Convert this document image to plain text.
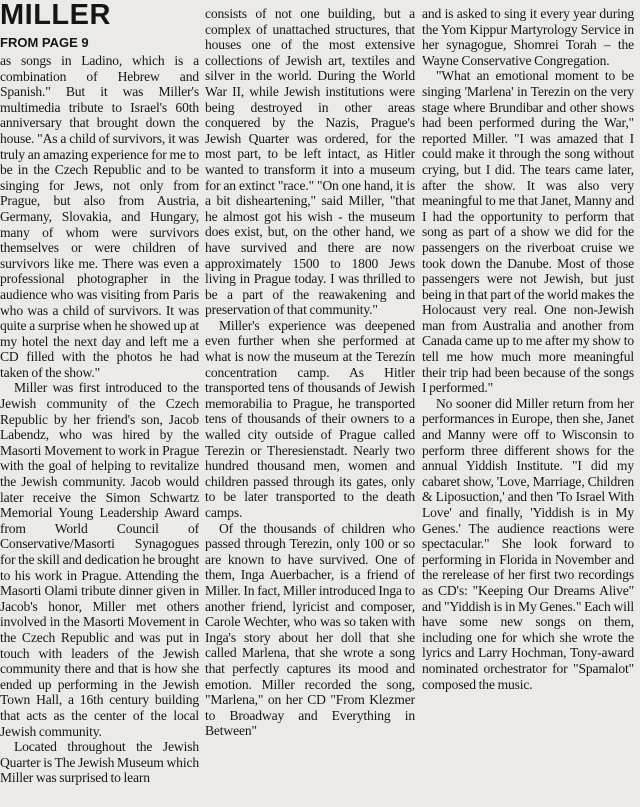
MILLER
FROM PAGE 9

as songs in Ladino, which is a combination of Hebrew and Spanish." But it was Miller's multimedia tribute to Israel's 60th anniversary that brought down the house. "As a child of survivors, it was truly an amazing experience for me to be in the Czech Republic and to be singing for Jews, not only from Prague, but also from Austria, Germany, Slovakia, and Hungary, many of whom were survivors themselves or were children of survivors like me. There was even a professional photographer in the audience who was visiting from Paris who was a child of survivors. It was quite a surprise when he showed up at my hotel the next day and left me a CD filled with the photos he had taken of the show."

Miller was first introduced to the Jewish community of the Czech Republic by her friend's son, Jacob Labendz, who was hired by the Masorti Movement to work in Prague with the goal of helping to revitalize the Jewish community. Jacob would later receive the Simon Schwartz Memorial Young Leadership Award from World Council of Conservative/Masorti Synagogues for the skill and dedication he brought to his work in Prague. Attending the Masorti Olami tribute dinner given in Jacob's honor, Miller met others involved in the Masorti Movement in the Czech Republic and was put in touch with leaders of the Jewish community there and that is how she ended up performing in the Jewish Town Hall, a 16th century building that acts as the center of the local Jewish community.

Located throughout the Jewish Quarter is The Jewish Museum which Miller was surprised to learn

consists of not one building, but a complex of unattached structures, that houses one of the most extensive collections of Jewish art, textiles and silver in the world. During the World War II, while Jewish institutions were being destroyed in other areas conquered by the Nazis, Prague's Jewish Quarter was ordered, for the most part, to be left intact, as Hitler wanted to transform it into a museum for an extinct "race." "On one hand, it is a bit disheartening," said Miller, "that he almost got his wish - the museum does exist, but, on the other hand, we have survived and there are now approximately 1500 to 1800 Jews living in Prague today. I was thrilled to be a part of the reawakening and preservation of that community."

Miller's experience was deepened even further when she performed at what is now the museum at the Terezín concentration camp. As Hitler transported tens of thousands of Jewish memorabilia to Prague, he transported tens of thousands of their owners to a walled city outside of Prague called Terezin or Theresienstadt. Nearly two hundred thousand men, women and children passed through its gates, only to be later transported to the death camps.

Of the thousands of children who passed through Terezin, only 100 or so are known to have survived. One of them, Inga Auerbacher, is a friend of Miller. In fact, Miller introduced Inga to another friend, lyricist and composer, Carole Wechter, who was so taken with Inga's story about her doll that she called Marlena, that she wrote a song that perfectly captures its mood and emotion. Miller recorded the song, "Marlena," on her CD "From Klezmer to Broadway and Everything in Between"

and is asked to sing it every year during the Yom Kippur Martyrology Service in her synagogue, Shomrei Torah – the Wayne Conservative Congregation.

"What an emotional moment to be singing 'Marlena' in Terezin on the very stage where Brundibar and other shows had been performed during the War," reported Miller. "I was amazed that I could make it through the song without crying, but I did. The tears came later, after the show. It was also very meaningful to me that Janet, Manny and I had the opportunity to perform that song as part of a show we did for the passengers on the riverboat cruise we took down the Danube. Most of those passengers were not Jewish, but just being in that part of the world makes the Holocaust very real. One non-Jewish man from Australia and another from Canada came up to me after my show to tell me how much more meaningful their trip had been because of the songs I performed."

No sooner did Miller return from her performances in Europe, then she, Janet and Manny were off to Wisconsin to perform three different shows for the annual Yiddish Institute. "I did my cabaret show, 'Love, Marriage, Children & Liposuction,' and then 'To Israel With Love' and finally, 'Yiddish is in My Genes.' The audience reactions were spectacular." She look forward to performing in Florida in November and the rerelease of her first two recordings as CD's: "Keeping Our Dreams Alive" and "Yiddish is in My Genes." Each will have some new songs on them, including one for which she wrote the lyrics and Larry Hochman, Tony-award nominated orchestrator for "Spamalot" composed the music.
